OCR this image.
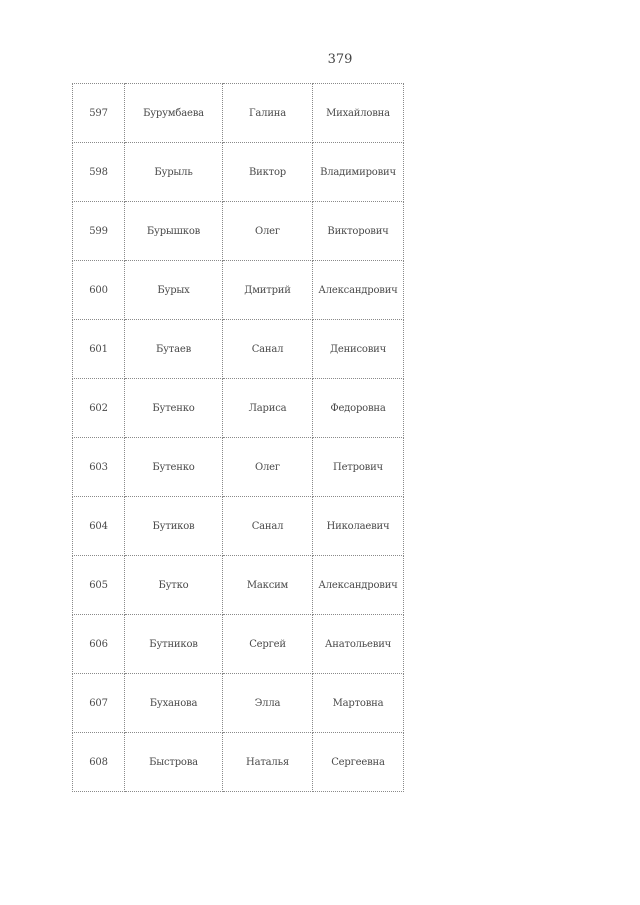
379
597	Бурумбаева	Галина	Михайловна
598	Бурыль	Виктор	Владимирович
599	Бурышков	Олег	Викторович
600	Бурых	Дмитрий	Александрович
601	Бутаев	Санал	Денисович
602	Бутенко	Лариса	Федоровна
603	Бутенко	Олег	Петрович
604	Бутиков	Санал	Николаевич
605	Бутко	Максим	Александрович
606	Бутников	Сергей	Анатольевич
607	Буханова	Элла	Мартовна
608	Быстрова	Наталья	Сергеевна
